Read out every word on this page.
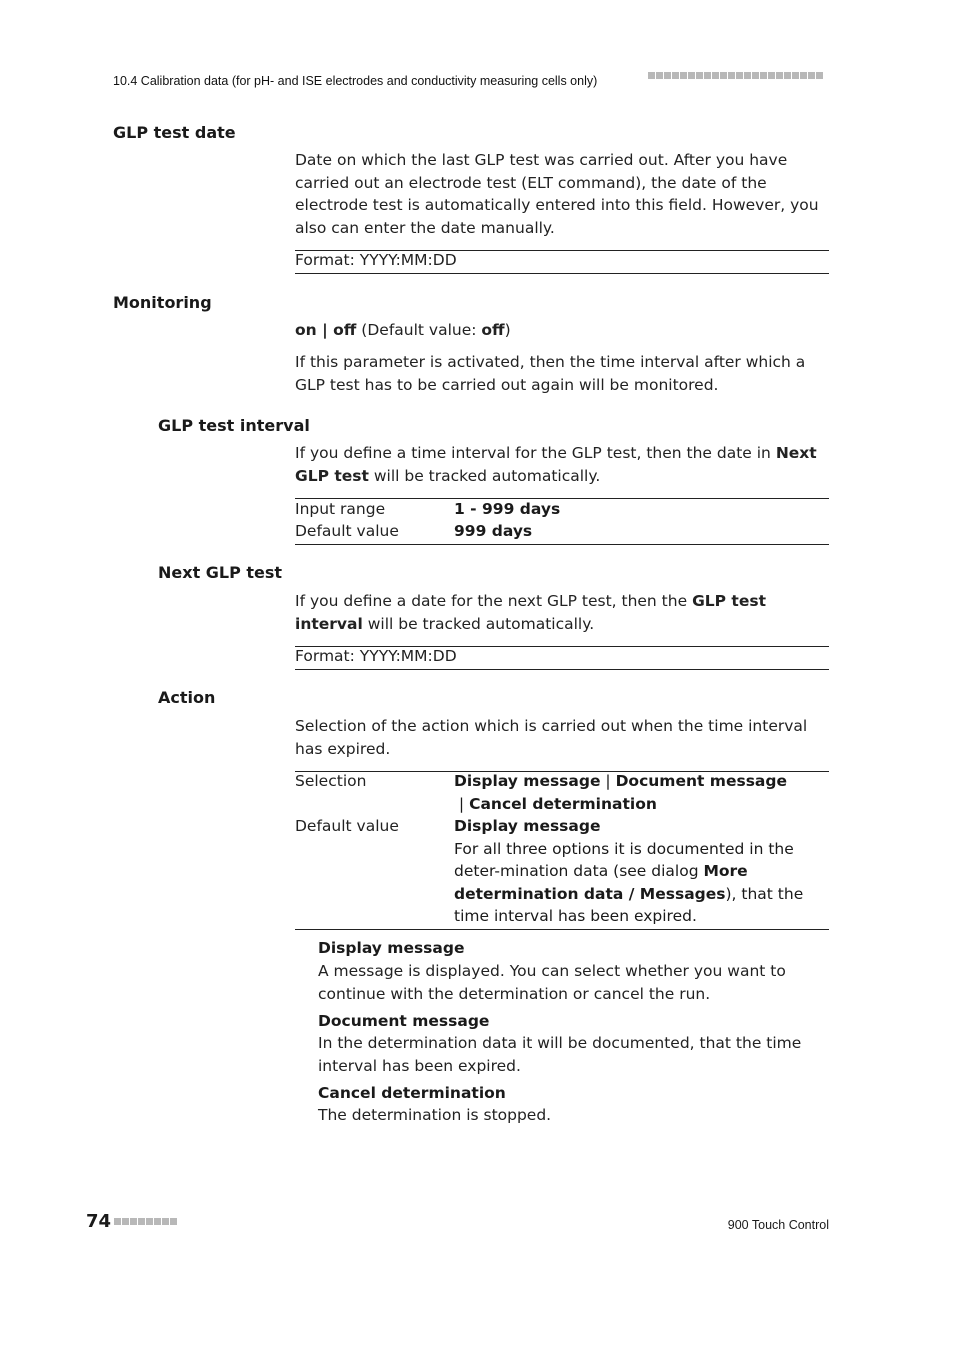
10.4 Calibration data (for pH- and ISE electrodes and conductivity measuring cells only)
GLP test date
Date on which the last GLP test was carried out. After you have carried out an electrode test (ELT command), the date of the electrode test is automatically entered into this field. However, you also can enter the date manually.
Format: YYYY:MM:DD
Monitoring
on | off (Default value: off)
If this parameter is activated, then the time interval after which a GLP test has to be carried out again will be monitored.
GLP test interval
If you define a time interval for the GLP test, then the date in Next GLP test will be tracked automatically.
Input range	1 - 999 days
Default value	999 days
Next GLP test
If you define a date for the next GLP test, then the GLP test interval will be tracked automatically.
Format: YYYY:MM:DD
Action
Selection of the action which is carried out when the time interval has expired.
Selection	Display message | Document message | Cancel determination
Default value	Display message
For all three options it is documented in the deter-mination data (see dialog More determination data / Messages), that the time interval has been expired.
Display message
A message is displayed. You can select whether you want to continue with the determination or cancel the run.
Document message
In the determination data it will be documented, that the time interval has been expired.
Cancel determination
The determination is stopped.
74	900 Touch Control
